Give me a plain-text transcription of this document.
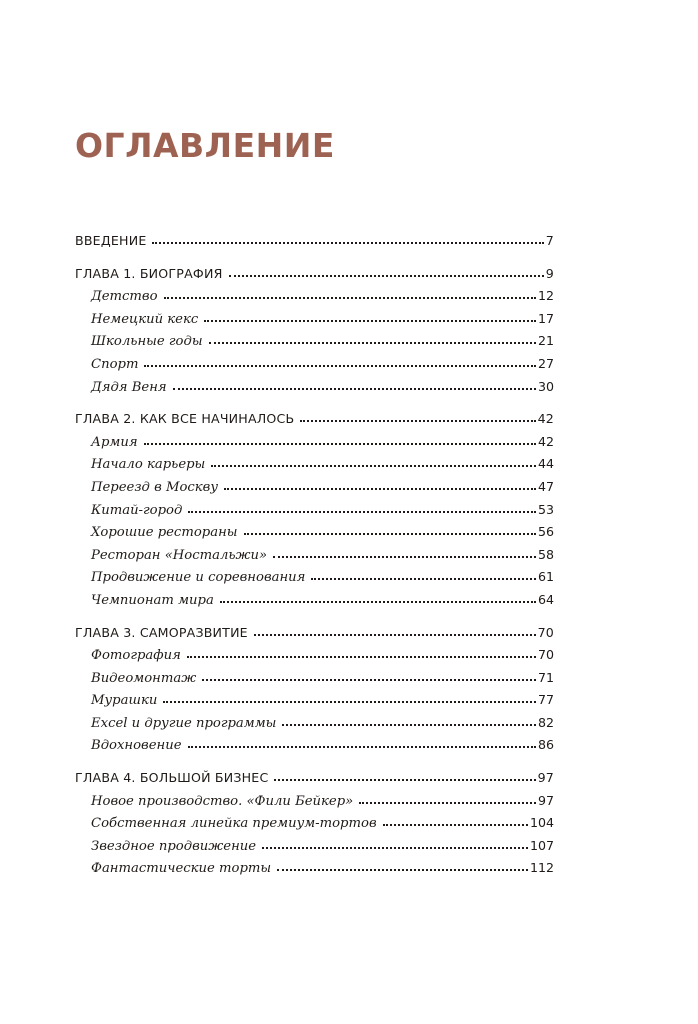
ОГЛАВЛЕНИЕ
ВВЕДЕНИЕ	7
ГЛАВА 1. БИОГРАФИЯ	9
Детство	12
Немецкий кекс	17
Школьные годы	21
Спорт	27
Дядя Веня	30
ГЛАВА 2. КАК ВСЕ НАЧИНАЛОСЬ	42
Армия	42
Начало карьеры	44
Переезд в Москву	47
Китай-город	53
Хорошие рестораны	56
Ресторан «Ностальжи»	58
Продвижение и соревнования	61
Чемпионат мира	64
ГЛАВА 3. САМОРАЗВИТИЕ	70
Фотография	70
Видеомонтаж	71
Мурашки	77
Excel и другие программы	82
Вдохновение	86
ГЛАВА 4. БОЛЬШОЙ БИЗНЕС	97
Новое производство. «Фили Бейкер»	97
Собственная линейка премиум-тортов	104
Звездное продвижение	107
Фантастические торты	112
